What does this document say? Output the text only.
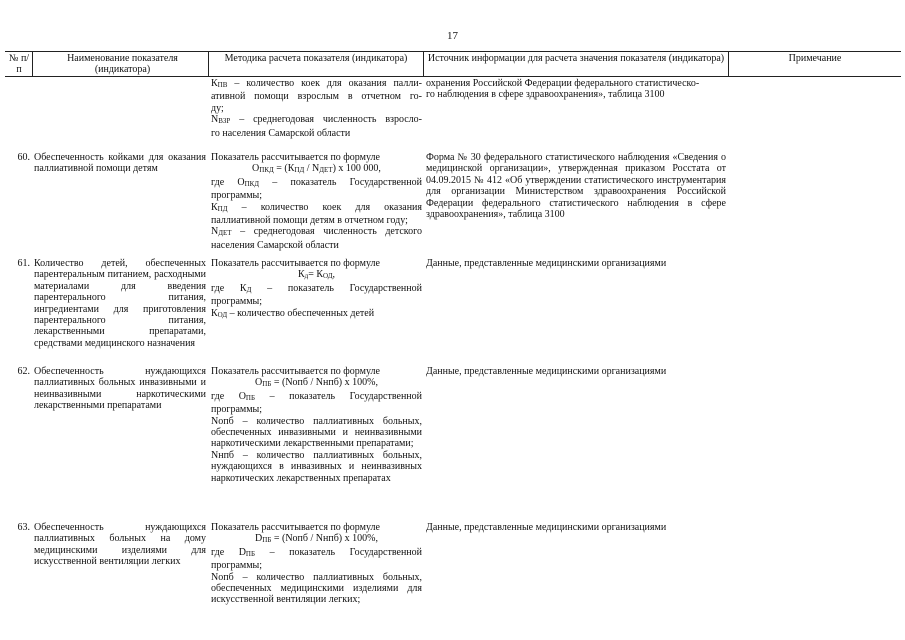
17
№ п/п
Наименование показателя (индикатора)
Методика расчета показателя (индикатора)	Источник информации для расчета значения показателя (индикатора)	Примечание
$К_{ПВ}$ – количество коек для оказания палли-
ативной помощи взрослым в отчетном го-
ду;
$N_{ВЗР}$ – среднегодовая численность взросло-
го населения Самарской области
охранения Российской Федерации федерального статистическо-
го наблюдения в сфере здравоохранения», таблица 3100
60. Обеспеченность койками для оказания паллиативной помощи детям
Показатель рассчитывается по формуле
$О_{ПКД} = (К_{ПД} / N_{ДЕТ})$ х 100 000,
где $О_{ПКД}$ – показатель Государственной программы;
$К_{ПД}$ – количество коек для оказания паллиативной помощи детям в отчетном году;
$N_{ДЕТ}$ – среднегодовая численность детского населения Самарской области
Форма № 30 федерального статистического наблюдения «Сведения о медицинской организации», утвержденная приказом Росстата от 04.09.2015 № 412 «Об утверждении статистического инструментария для организации Министерством здравоохранения Российской Федерации федерального статистического наблюдения в сфере здравоохранения», таблица 3100
61. Количество детей, обеспеченных парентеральным питанием, расходными материалами для введения парентерального питания, ингредиентами для приготовления парентерального питания, лекарственными препаратами, средствами медицинского назначения
Показатель рассчитывается по формуле
$К_д= К_{ОД}$,
где $К_Д$ – показатель Государственной программы;
$К_{ОД}$ – количество обеспеченных детей
Данные, представленные медицинскими организациями
62. Обеспеченность нуждающихся паллиативных больных инвазивными и неинвазивными наркотическими лекарственными препаратами
Показатель рассчитывается по формуле
$О_{ПБ}$ = (Nопб / Nнпб) х 100%,
где $О_{ПБ}$ – показатель Государственной программы;
Nопб – количество паллиативных больных, обеспеченных инвазивными и неинвазивными наркотическими лекарственными препаратами;
Nнпб – количество паллиативных больных, нуждающихся в инвазивных и неинвазивных наркотических лекарственных препаратах
Данные, представленные медицинскими организациями
63. Обеспеченность нуждающихся паллиативных больных на дому медицинскими изделиями для искусственной вентиляции легких
Показатель рассчитывается по формуле
$D_{ПБ}$ = (Nопб / Nнпб) х 100%,
где $D_{ПБ}$ – показатель Государственной программы;
Nопб – количество паллиативных больных, обеспеченных медицинскими изделиями для искусственной вентиляции легких;
Данные, представленные медицинскими организациями
